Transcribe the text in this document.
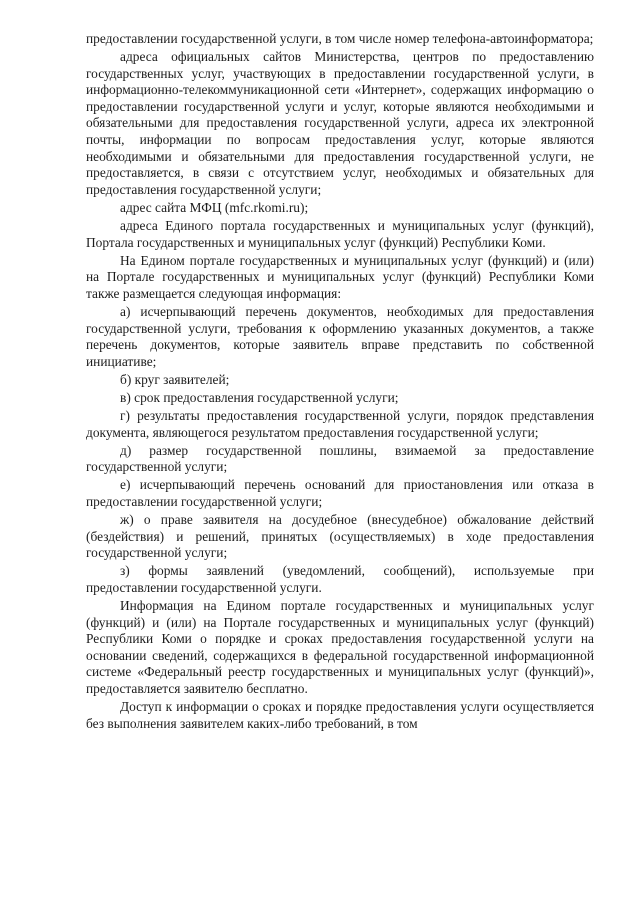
предоставлении государственной услуги, в том числе номер телефона-автоинформатора;

адреса официальных сайтов Министерства, центров по предоставлению государственных услуг, участвующих в предоставлении государственной услуги, в информационно-телекоммуникационной сети «Интернет», содержащих информацию о предоставлении государственной услуги и услуг, которые являются необходимыми и обязательными для предоставления государственной услуги, адреса их электронной почты, информации по вопросам предоставления услуг, которые являются необходимыми и обязательными для предоставления государственной услуги, не предоставляется, в связи с отсутствием услуг, необходимых и обязательных для предоставления государственной услуги;

адрес сайта МФЦ (mfc.rkomi.ru);

адреса Единого портала государственных и муниципальных услуг (функций), Портала государственных и муниципальных услуг (функций) Республики Коми.

На Едином портале государственных и муниципальных услуг (функций) и (или) на Портале государственных и муниципальных услуг (функций) Республики Коми также размещается следующая информация:

а) исчерпывающий перечень документов, необходимых для предоставления государственной услуги, требования к оформлению указанных документов, а также перечень документов, которые заявитель вправе представить по собственной инициативе;

б) круг заявителей;

в) срок предоставления государственной услуги;

г) результаты предоставления государственной услуги, порядок представления документа, являющегося результатом предоставления государственной услуги;

д) размер государственной пошлины, взимаемой за предоставление государственной услуги;

е) исчерпывающий перечень оснований для приостановления или отказа в предоставлении государственной услуги;

ж) о праве заявителя на досудебное (внесудебное) обжалование действий (бездействия) и решений, принятых (осуществляемых) в ходе предоставления государственной услуги;

з) формы заявлений (уведомлений, сообщений), используемые при предоставлении государственной услуги.

Информация на Едином портале государственных и муниципальных услуг (функций) и (или) на Портале государственных и муниципальных услуг (функций) Республики Коми о порядке и сроках предоставления государственной услуги на основании сведений, содержащихся в федеральной государственной информационной системе «Федеральный реестр государственных и муниципальных услуг (функций)», предоставляется заявителю бесплатно.

Доступ к информации о сроках и порядке предоставления услуги осуществляется без выполнения заявителем каких-либо требований, в том
